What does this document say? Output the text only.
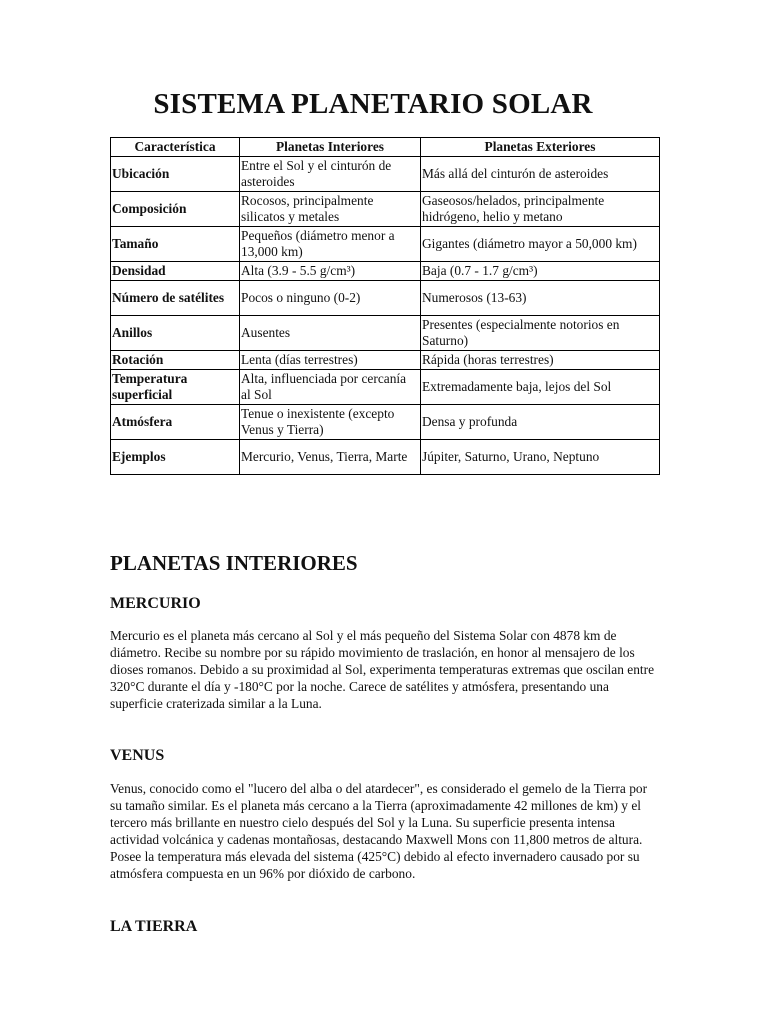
SISTEMA PLANETARIO SOLAR
Característica	Planetas Interiores	Planetas Exteriores
Ubicación	Entre el Sol y el cinturón de asteroides	Más allá del cinturón de asteroides
Composición	Rocosos, principalmente silicatos y metales	Gaseosos/helados, principalmente hidrógeno, helio y metano
Tamaño	Pequeños (diámetro menor a 13,000 km)	Gigantes (diámetro mayor a 50,000 km)
Densidad	Alta (3.9 - 5.5 g/cm³)	Baja (0.7 - 1.7 g/cm³)
Número de satélites	Pocos o ninguno (0-2)	Numerosos (13-63)
Anillos	Ausentes	Presentes (especialmente notorios en Saturno)
Rotación	Lenta (días terrestres)	Rápida (horas terrestres)
Temperatura superficial	Alta, influenciada por cercanía al Sol	Extremadamente baja, lejos del Sol
Atmósfera	Tenue o inexistente (excepto Venus y Tierra)	Densa y profunda
Ejemplos	Mercurio, Venus, Tierra, Marte	Júpiter, Saturno, Urano, Neptuno
PLANETAS INTERIORES
MERCURIO

Mercurio es el planeta más cercano al Sol y el más pequeño del Sistema Solar con 4878 km de diámetro. Recibe su nombre por su rápido movimiento de traslación, en honor al mensajero de los dioses romanos. Debido a su proximidad al Sol, experimenta temperaturas extremas que oscilan entre 320°C durante el día y -180°C por la noche. Carece de satélites y atmósfera, presentando una superficie craterizada similar a la Luna.

VENUS

Venus, conocido como el "lucero del alba o del atardecer", es considerado el gemelo de la Tierra por su tamaño similar. Es el planeta más cercano a la Tierra (aproximadamente 42 millones de km) y el tercero más brillante en nuestro cielo después del Sol y la Luna. Su superficie presenta intensa actividad volcánica y cadenas montañosas, destacando Maxwell Mons con 11,800 metros de altura. Posee la temperatura más elevada del sistema (425°C) debido al efecto invernadero causado por su atmósfera compuesta en un 96% por dióxido de carbono.

LA TIERRA
